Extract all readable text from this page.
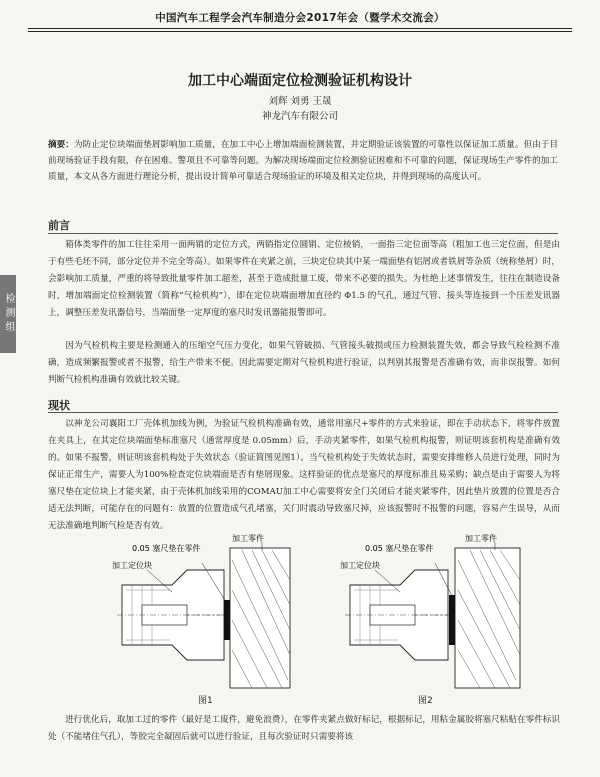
中国汽车工程学会汽车制造分会2017年会（暨学术交流会）
检测组
加工中心端面定位检测验证机构设计
刘辉 刘勇 王晟
神龙汽车有限公司
摘要：为防止定位块端面垫屑影响加工质量，在加工中心上增加端面检测装置，并定期验证该装置的可靠性以保证加工质量。但由于目前现场验证手段有限，存在困难、警项且不可靠等问题。为解决现场端面定位检测验证困难和不可靠的问题，保证现场生产零件的加工质量，本文从各方面进行理论分析，提出设计简单可靠适合现场验证的环境及相关定位块，并得到现场的高度认可。
前言

箱体类零件的加工往往采用一面两销的定位方式，两销指定位圆销、定位棱销，一面指三定位面等高（粗加工也三定位面，但是由于有些毛坯不同，部分定位并不完全等高）。如果零件在夹紧之前，三块定位块其中某一端面垫有铝屑或者铁屑等杂质（统称垫屑）时，会影响加工质量，严重的将导致批量零件加工超差，甚至于造成批量工废，带来不必要的损失。为杜绝上述事情发生，往往在制造设备时，增加端面定位检测装置（简称“气检机构”），即在定位块端面增加直径约 Φ1.5 的气孔，通过气管、接头等连接到一个压差发讯器上，调整压差发讯器信号，当端面垫一定厚度的塞尺时发讯器能报警即可。

因为气检机构主要是检测通入的压缩空气压力变化，如果气管破损、气管接头破损或压力检测装置失效，都会导致气检检测不准确，造成频繁报警或者不报警，给生产带来不便。因此需要定期对气检机构进行验证，以判别其报警是否准确有效，而非误报警。如何判断气检机构准确有效就比较关键。

现状

以神龙公司襄阳工厂壳体机加线为例，为验证气检机构准确有效，通常用塞尺+零件的方式来验证，即在手动状态下，将零件放置在夹具上，在其定位块端面垫标准塞尺（通常厚度是 0.05mm）后，手动夹紧零件，如果气检机构报警，则证明该套机构是准确有效的。如果不报警，则证明该套机构处于失效状态（验证简图见图1）。当气检机构处于失效状态时，需要安排维修人员进行处理，同时为保证正常生产，需要人为100%检查定位块端面是否有垫屑现象。这样验证的优点是塞尺的厚度标准且易采购；缺点是由于需要人为将塞尺垫在定位块上才能夹紧，由于壳体机加线采用的COMAU加工中心需要将安全门关闭后才能夹紧零件，因此垫片放置的位置是否合适无法判断，可能存在的问题有：放置的位置造成气孔堵塞，关门时震动导致塞尺掉，应该报警时不报警的问题，容易产生误导，从而无法准确地判断气检是否有效。

0.05 塞尺垫在零件
加工零件
加工定位块
图1
0.05 塞尺垫在零件
加工零件
加工定位块
图2

进行优化后，取加工过的零件（最好是工废件，避免浪费），在零件夹紧点做好标记，根据标记，用粘金属胶将塞尺粘贴在零件标识处（不能堵住气孔），等胶完全凝固后就可以进行验证，且每次验证时只需要将该
